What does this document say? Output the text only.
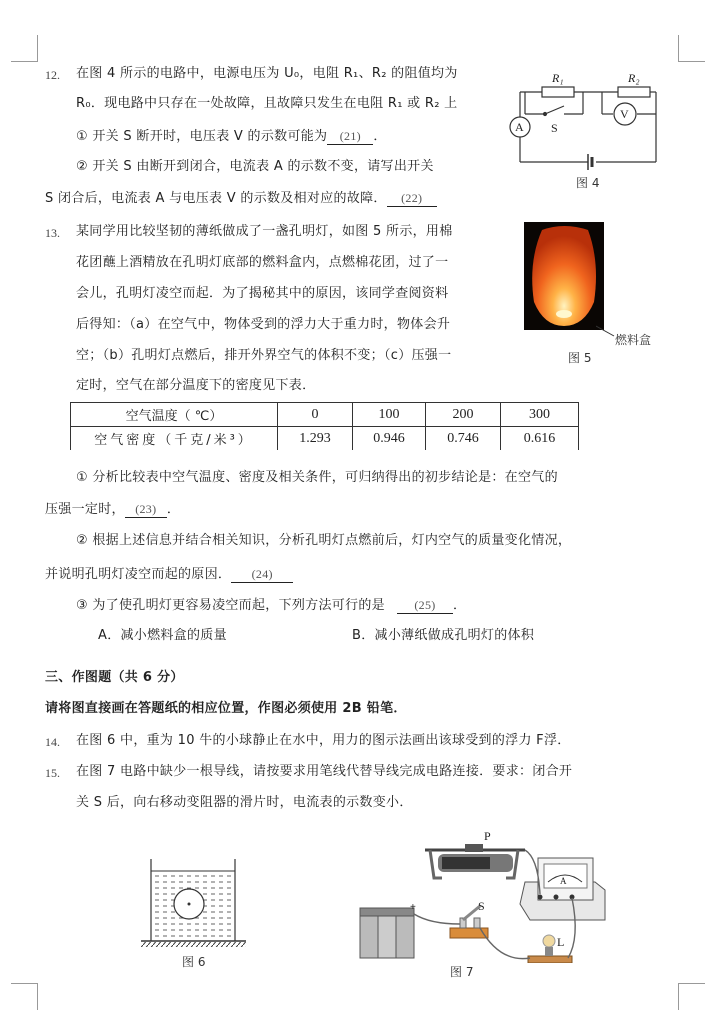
12. 在图 4 所示的电路中，电源电压为 U₀，电阻 R₁、R₂ 的阻值均为
R₀．现电路中只存在一处故障，且故障只发生在电阻 R₁ 或 R₂ 上
① 开关 S 断开时，电压表 V 的示数可能为 (21) ．
② 开关 S 由断开到闭合，电流表 A 的示数不变，请写出开关
S 闭合后，电流表 A 与电压表 V 的示数及相对应的故障． (22)
R₁	R₂
S
A
V
图 4
13. 某同学用比较坚韧的薄纸做成了一盏孔明灯，如图 5 所示，用棉
花团蘸上酒精放在孔明灯底部的燃料盒内，点燃棉花团，过了一
会儿，孔明灯凌空而起．为了揭秘其中的原因，该同学查阅资料
后得知：（a）在空气中，物体受到的浮力大于重力时，物体会升
空；（b）孔明灯点燃后，排开外界空气的体积不变；（c）压强一
定时，空气在部分温度下的密度见下表．
燃料盒
图 5
空气温度（ ℃）	0	100	200	300
空气密度（千克/米³）	1.293	0.946	0.746	0.616
① 分析比较表中空气温度、密度及相关条件，可归纳得出的初步结论是：在空气的
压强一定时， (23) ．
② 根据上述信息并结合相关知识，分析孔明灯点燃前后，灯内空气的质量变化情况，
并说明孔明灯凌空而起的原因． (24)
③ 为了使孔明灯更容易凌空而起，下列方法可行的是 (25) ．
A．减小燃料盒的质量	B．减小薄纸做成孔明灯的体积
三、作图题（共 6 分）
请将图直接画在答题纸的相应位置，作图必须使用 2B 铅笔．
14. 在图 6 中，重为 10 牛的小球静止在水中，用力的图示法画出该球受到的浮力 F浮．
15. 在图 7 电路中缺少一根导线，请按要求用笔线代替导线完成电路连接．要求：闭合开
关 S 后，向右移动变阻器的滑片时，电流表的示数变小．
图 6
P
A
+	S
L
图 7
